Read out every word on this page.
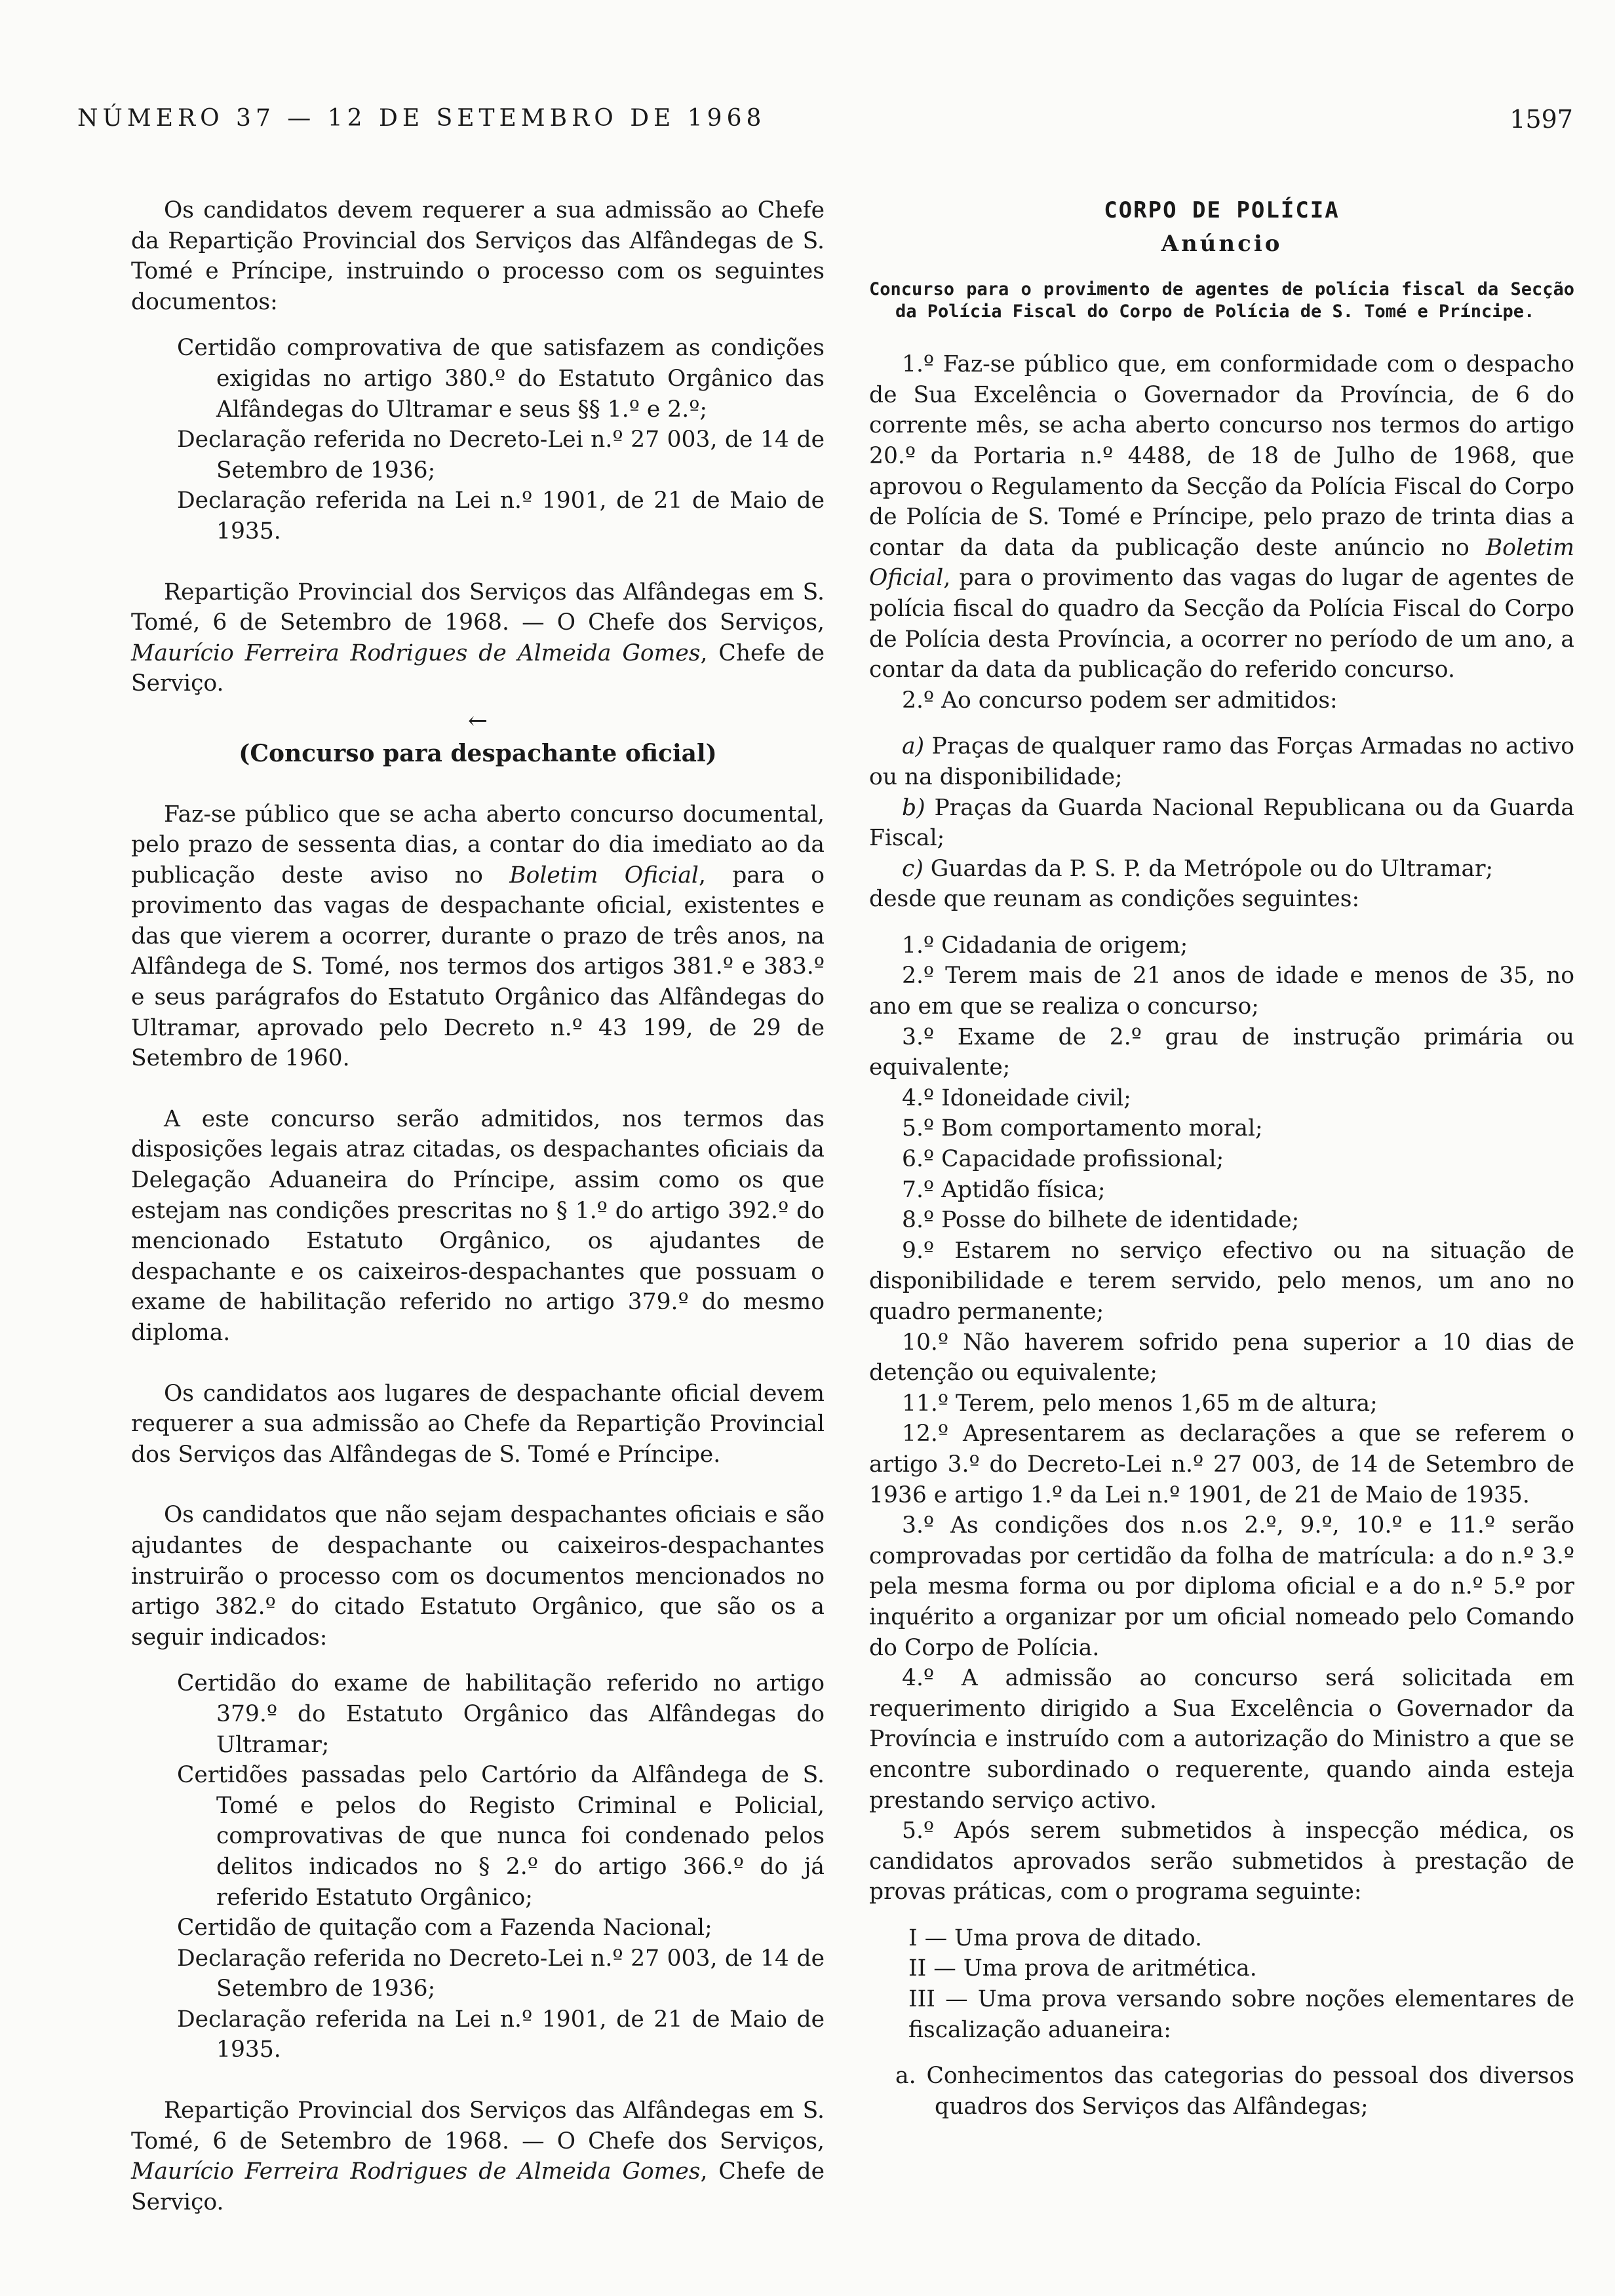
NÚMERO 37 — 12 DE SETEMBRO DE 1968	1597

Os candidatos devem requerer a sua admissão ao Chefe da Repartição Provincial dos Serviços das Alfândegas de S. Tomé e Príncipe, instruindo o processo com os seguintes documentos:

Certidão comprovativa de que satisfazem as condições exigidas no artigo 380.º do Estatuto Orgânico das Alfândegas do Ultramar e seus §§ 1.º e 2.º;

Declaração referida no Decreto-Lei n.º 27 003, de 14 de Setembro de 1936;

Declaração referida na Lei n.º 1901, de 21 de Maio de 1935.

Repartição Provincial dos Serviços das Alfândegas em S. Tomé, 6 de Setembro de 1968. — O Chefe dos Serviços, Maurício Ferreira Rodrigues de Almeida Gomes, Chefe de Serviço.

←

(Concurso para despachante oficial)

Faz-se público que se acha aberto concurso documental, pelo prazo de sessenta dias, a contar do dia imediato ao da publicação deste aviso no Boletim Oficial, para o provimento das vagas de despachante oficial, existentes e das que vierem a ocorrer, durante o prazo de três anos, na Alfândega de S. Tomé, nos termos dos artigos 381.º e 383.º e seus parágrafos do Estatuto Orgânico das Alfândegas do Ultramar, aprovado pelo Decreto n.º 43 199, de 29 de Setembro de 1960.

A este concurso serão admitidos, nos termos das disposições legais atraz citadas, os despachantes oficiais da Delegação Aduaneira do Príncipe, assim como os que estejam nas condições prescritas no § 1.º do artigo 392.º do mencionado Estatuto Orgânico, os ajudantes de despachante e os caixeiros-despachantes que possuam o exame de habilitação referido no artigo 379.º do mesmo diploma.

Os candidatos aos lugares de despachante oficial devem requerer a sua admissão ao Chefe da Repartição Provincial dos Serviços das Alfândegas de S. Tomé e Príncipe.

Os candidatos que não sejam despachantes oficiais e são ajudantes de despachante ou caixeiros-despachantes instruirão o processo com os documentos mencionados no artigo 382.º do citado Estatuto Orgânico, que são os a seguir indicados:

Certidão do exame de habilitação referido no artigo 379.º do Estatuto Orgânico das Alfândegas do Ultramar;

Certidões passadas pelo Cartório da Alfândega de S. Tomé e pelos do Registo Criminal e Policial, comprovativas de que nunca foi condenado pelos delitos indicados no § 2.º do artigo 366.º do já referido Estatuto Orgânico;

Certidão de quitação com a Fazenda Nacional;

Declaração referida no Decreto-Lei n.º 27 003, de 14 de Setembro de 1936;

Declaração referida na Lei n.º 1901, de 21 de Maio de 1935.

Repartição Provincial dos Serviços das Alfândegas em S. Tomé, 6 de Setembro de 1968. — O Chefe dos Serviços, Maurício Ferreira Rodrigues de Almeida Gomes, Chefe de Serviço.

CORPO DE POLÍCIA

Anúncio

Concurso para o provimento de agentes de polícia fiscal da Secção da Polícia Fiscal do Corpo de Polícia de S. Tomé e Príncipe.

1.º Faz-se público que, em conformidade com o despacho de Sua Excelência o Governador da Província, de 6 do corrente mês, se acha aberto concurso nos termos do artigo 20.º da Portaria n.º 4488, de 18 de Julho de 1968, que aprovou o Regulamento da Secção da Polícia Fiscal do Corpo de Polícia de S. Tomé e Príncipe, pelo prazo de trinta dias a contar da data da publicação deste anúncio no Boletim Oficial, para o provimento das vagas do lugar de agentes de polícia fiscal do quadro da Secção da Polícia Fiscal do Corpo de Polícia desta Província, a ocorrer no período de um ano, a contar da data da publicação do referido concurso.

2.º Ao concurso podem ser admitidos:

a) Praças de qualquer ramo das Forças Armadas no activo ou na disponibilidade;

b) Praças da Guarda Nacional Republicana ou da Guarda Fiscal;

c) Guardas da P. S. P. da Metrópole ou do Ultramar;

desde que reunam as condições seguintes:

1.º Cidadania de origem;

2.º Terem mais de 21 anos de idade e menos de 35, no ano em que se realiza o concurso;

3.º Exame de 2.º grau de instrução primária ou equivalente;

4.º Idoneidade civil;

5.º Bom comportamento moral;

6.º Capacidade profissional;

7.º Aptidão física;

8.º Posse do bilhete de identidade;

9.º Estarem no serviço efectivo ou na situação de disponibilidade e terem servido, pelo menos, um ano no quadro permanente;

10.º Não haverem sofrido pena superior a 10 dias de detenção ou equivalente;

11.º Terem, pelo menos 1,65 m de altura;

12.º Apresentarem as declarações a que se referem o artigo 3.º do Decreto-Lei n.º 27 003, de 14 de Setembro de 1936 e artigo 1.º da Lei n.º 1901, de 21 de Maio de 1935.

3.º As condições dos n.os 2.º, 9.º, 10.º e 11.º serão comprovadas por certidão da folha de matrícula: a do n.º 3.º pela mesma forma ou por diploma oficial e a do n.º 5.º por inquérito a organizar por um oficial nomeado pelo Comando do Corpo de Polícia.

4.º A admissão ao concurso será solicitada em requerimento dirigido a Sua Excelência o Governador da Província e instruído com a autorização do Ministro a que se encontre subordinado o requerente, quando ainda esteja prestando serviço activo.

5.º Após serem submetidos à inspecção médica, os candidatos aprovados serão submetidos à prestação de provas práticas, com o programa seguinte:

I — Uma prova de ditado.

II — Uma prova de aritmética.

III — Uma prova versando sobre noções elementares de fiscalização aduaneira:

a. Conhecimentos das categorias do pessoal dos diversos quadros dos Serviços das Alfândegas;
